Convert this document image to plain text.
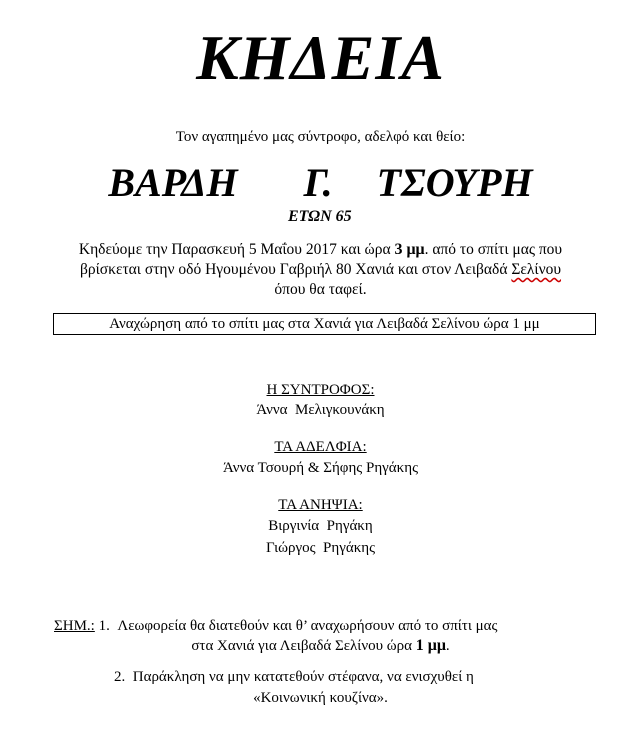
ΚΗΔΕΙΑ
Τον αγαπημένο μας σύντροφο, αδελφό και θείο:
ΒΑΡΔΗ   Γ.  ΤΣΟΥΡΗ
ΕΤΩΝ 65
Κηδεύομε την Παρασκευή 5 Μαΐου 2017 και ώρα 3 μμ. από το σπίτι μας που
βρίσκεται στην οδό Ηγουμένου Γαβριήλ 80 Χανιά και στον Λειβαδά Σελίνου
όπου θα ταφεί.
Αναχώρηση από το σπίτι μας στα Χανιά για Λειβαδά Σελίνου ώρα 1 μμ
Η ΣΥΝΤΡΟΦΟΣ:
Άννα  Μελιγκουνάκη
ΤΑ ΑΔΕΛΦΙΑ:
Άννα Τσουρή & Σήφης Ρηγάκης
ΤΑ ΑΝΗΨΙΑ:
Βιργινία  Ρηγάκη
Γιώργος  Ρηγάκης
ΣΗΜ.: 1. Λεωφορεία θα διατεθούν και θ’ αναχωρήσουν από το σπίτι μας
στα Χανιά για Λειβαδά Σελίνου ώρα 1 μμ.
2. Παράκληση να μην κατατεθούν στέφανα, να ενισχυθεί η
«Κοινωνική κουζίνα».
